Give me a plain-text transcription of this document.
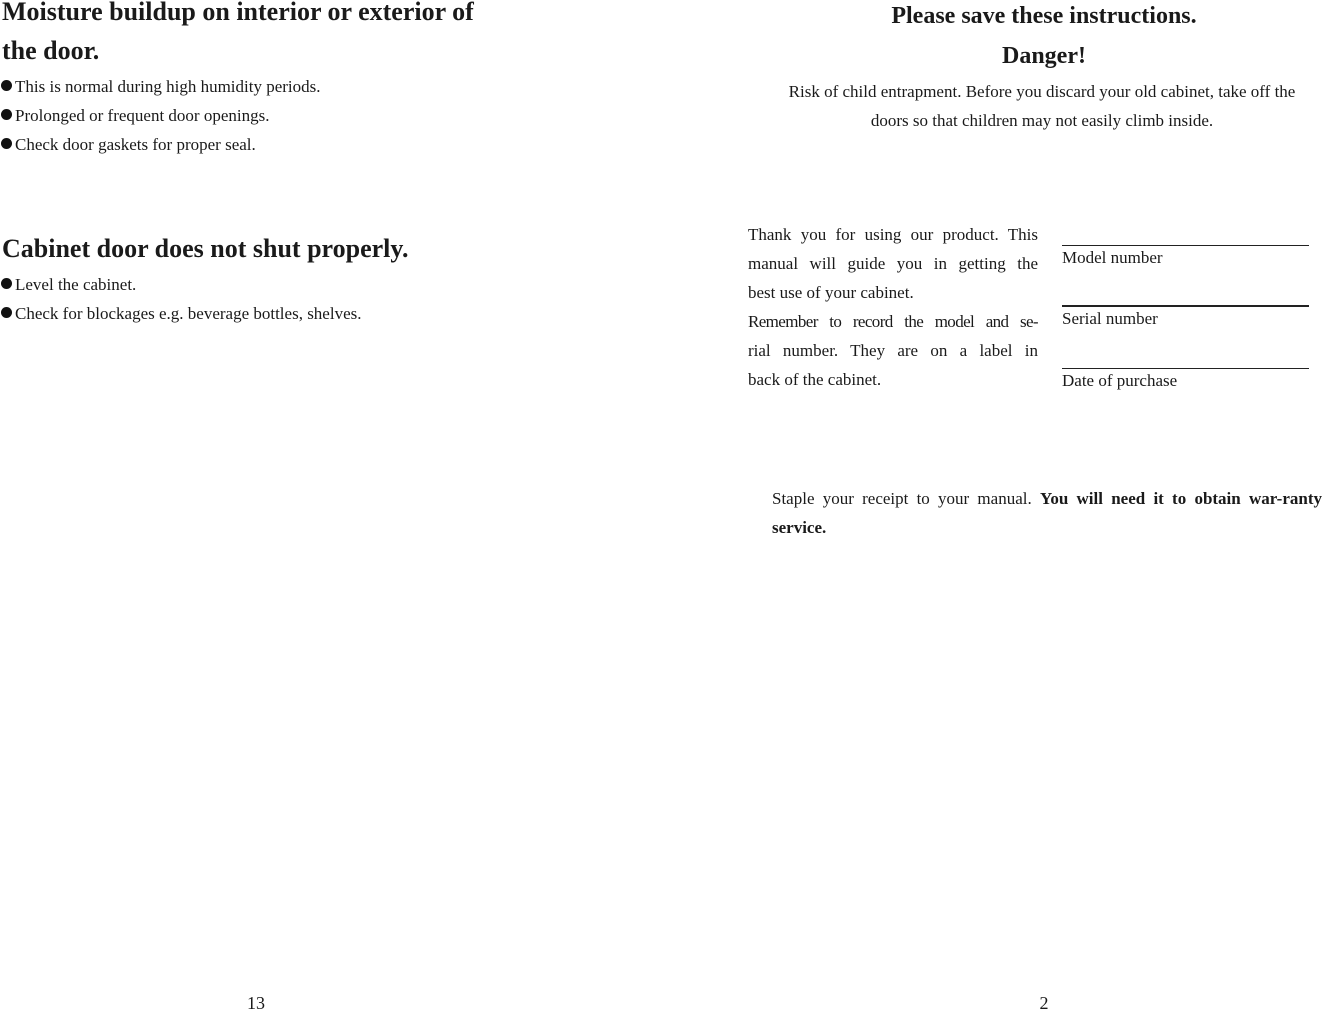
Moisture buildup on interior or exterior of
the door.
This is normal during high humidity periods.
Prolonged or frequent door openings.
Check door gaskets for proper seal.
Cabinet door does not shut properly.
Level the cabinet.
Check for blockages e.g. beverage bottles, shelves.
13
Please save these instructions.
Danger!

Risk of child entrapment. Before you discard your old cabinet, take off the
doors so that children may not easily climb inside.

Thank you for using our product. This
manual will guide you in getting the
best use of your cabinet.
Remember to record the model and se-
rial number. They are on a label in
back of the cabinet.

Model number
Serial number
Date of purchase

Staple your receipt to your manual. You will need it to obtain war-ranty service.

2
